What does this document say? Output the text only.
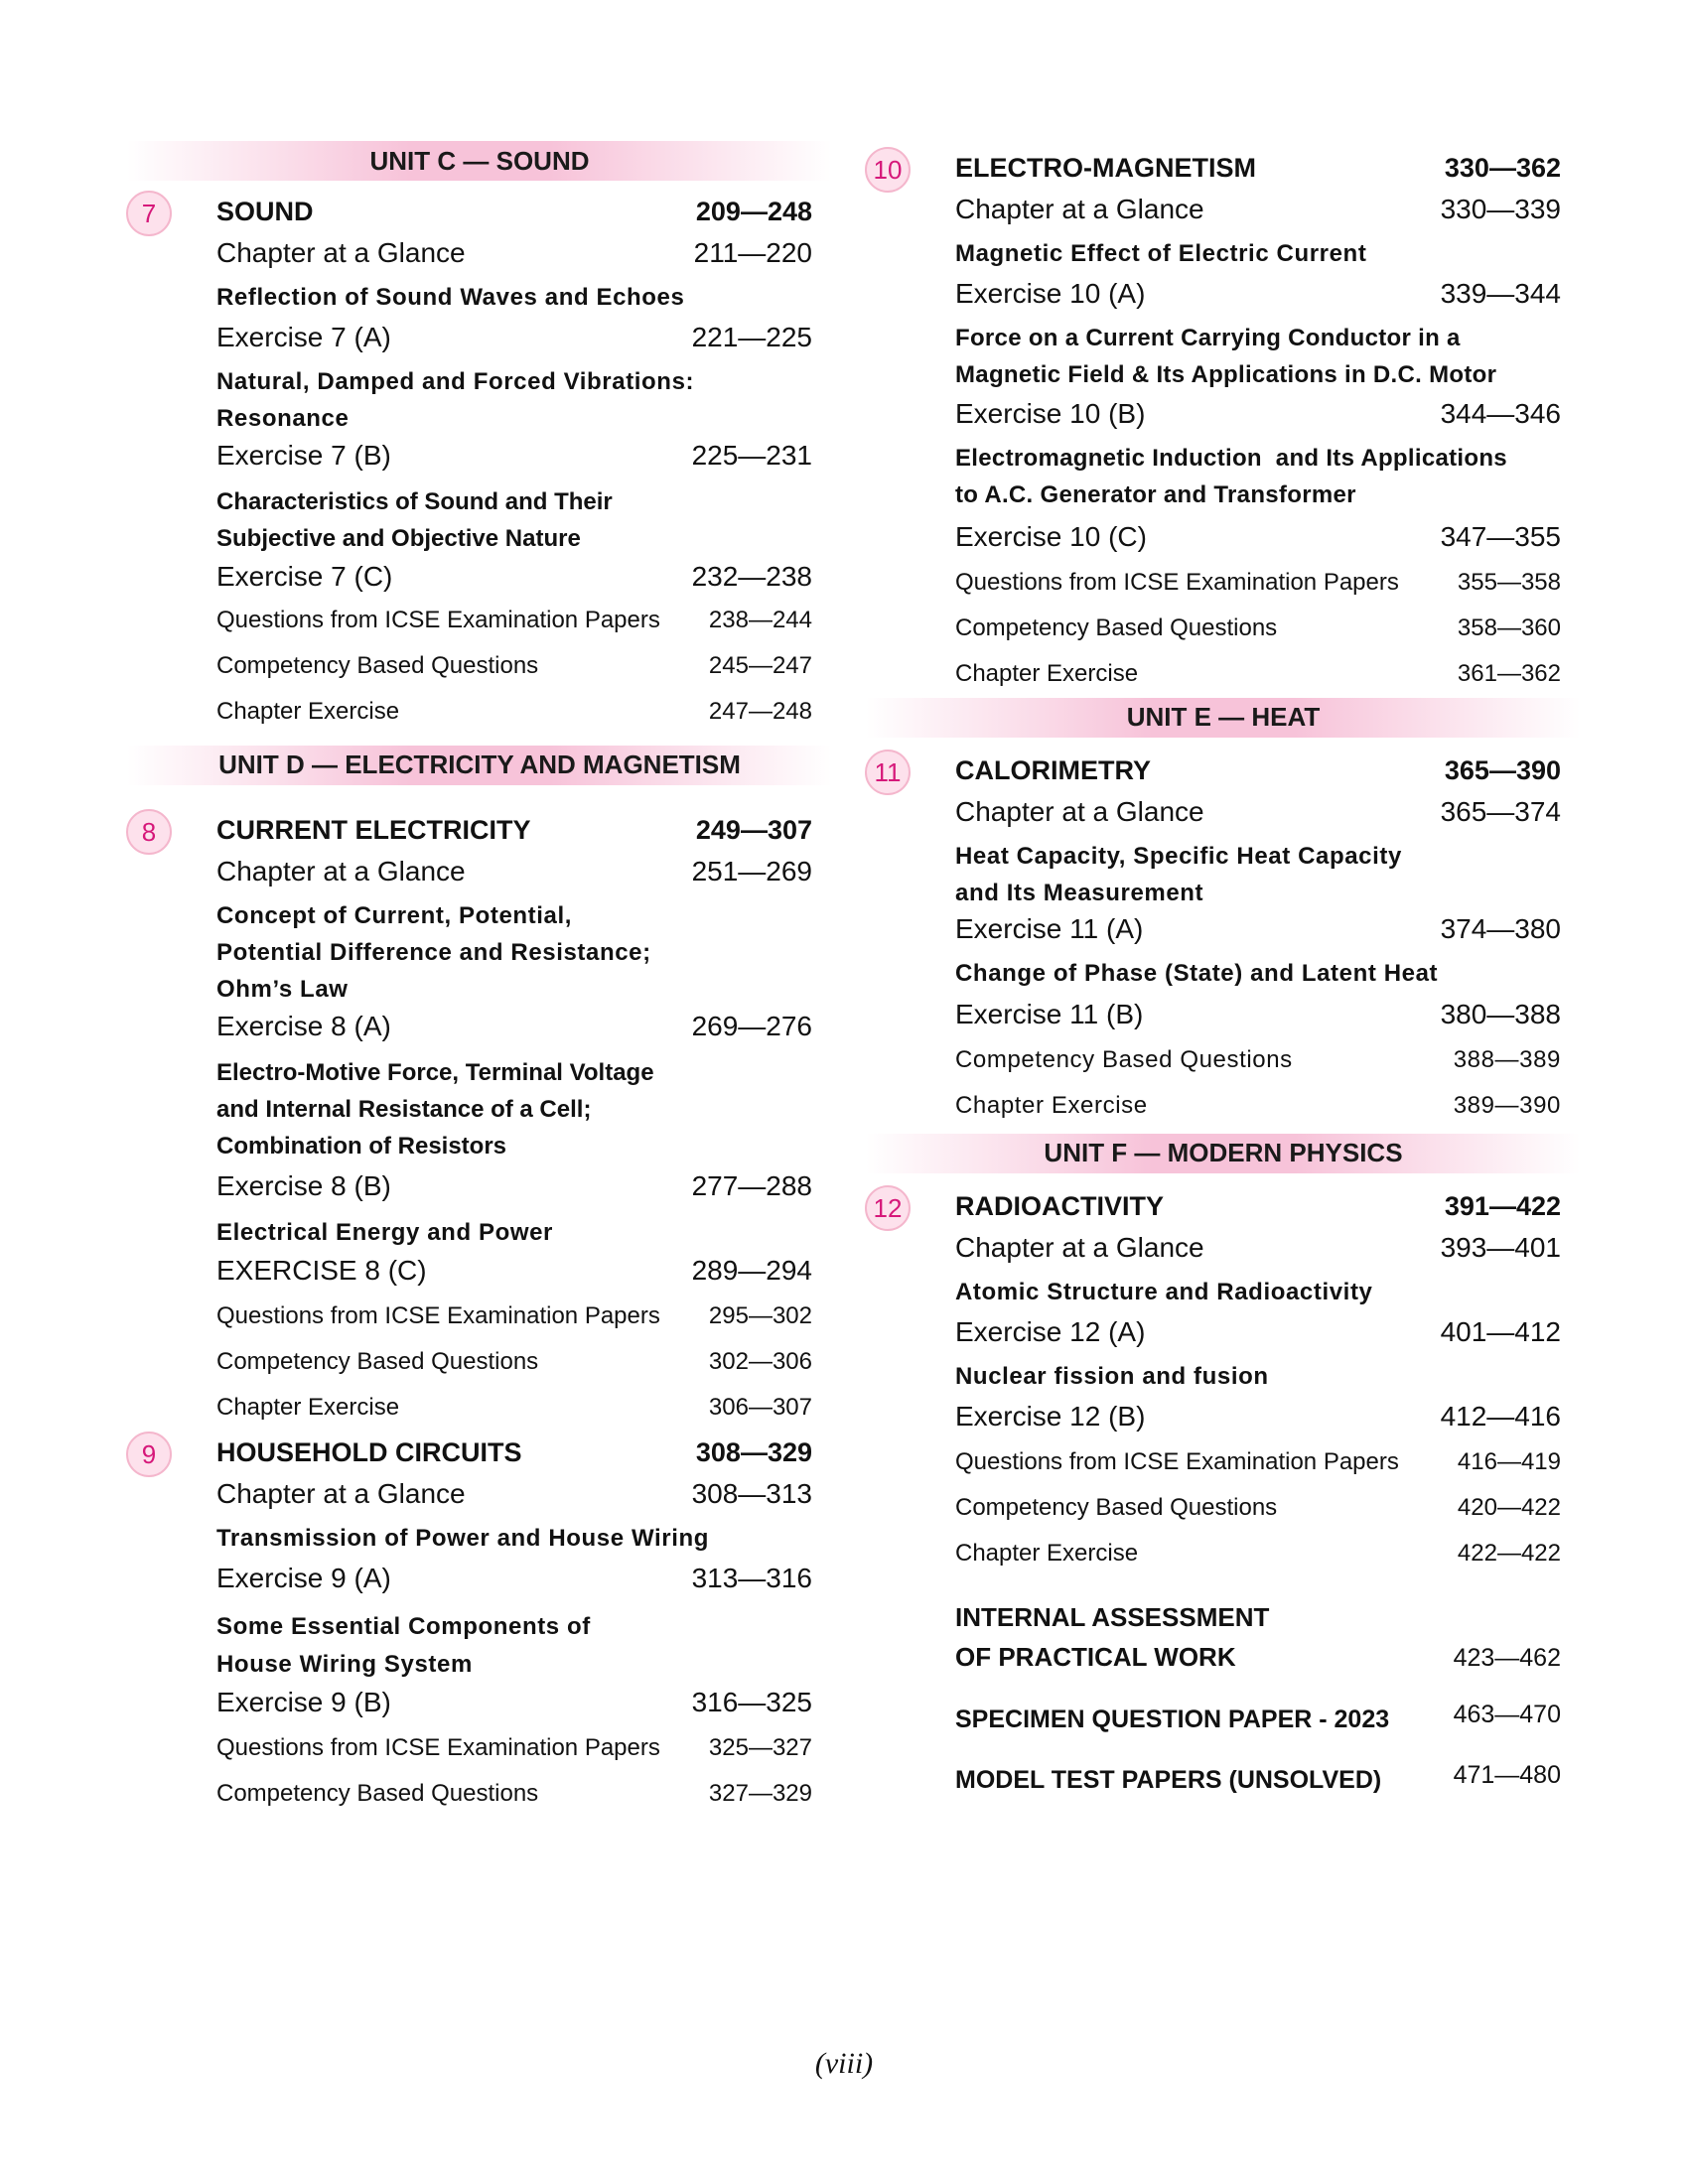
UNIT C — SOUND
7	SOUND	209—248
Chapter at a Glance	211—220
Reflection of Sound Waves and Echoes
Exercise 7 (A)	221—225
Natural, Damped and Forced Vibrations:
Resonance
Exercise 7 (B)	225—231
Characteristics of Sound and Their
Subjective and Objective Nature
Exercise 7 (C)	232—238
Questions from ICSE Examination Papers	238—244
Competency Based Questions	245—247
Chapter Exercise	247—248
UNIT D — ELECTRICITY AND MAGNETISM
8	CURRENT ELECTRICITY	249—307
Chapter at a Glance	251—269
Concept of Current, Potential,
Potential Difference and Resistance;
Ohm’s Law
Exercise 8 (A)	269—276
Electro-Motive Force, Terminal Voltage
and Internal Resistance of a Cell;
Combination of Resistors
Exercise 8 (B)	277—288
Electrical Energy and Power
EXERCISE 8 (C)	289—294
Questions from ICSE Examination Papers	295—302
Competency Based Questions	302—306
Chapter Exercise	306—307
9	HOUSEHOLD CIRCUITS	308—329
Chapter at a Glance	308—313
Transmission of Power and House Wiring
Exercise 9 (A)	313—316
Some Essential Components of
House Wiring System
Exercise 9 (B)	316—325
Questions from ICSE Examination Papers	325—327
Competency Based Questions	327—329
10	ELECTRO-MAGNETISM	330—362
Chapter at a Glance	330—339
Magnetic Effect of Electric Current
Exercise 10 (A)	339—344
Force on a Current Carrying Conductor in a
Magnetic Field & Its Applications in D.C. Motor
Exercise 10 (B)	344—346
Electromagnetic Induction  and Its Applications
to A.C. Generator and Transformer
Exercise 10 (C)	347—355
Questions from ICSE Examination Papers	355—358
Competency Based Questions	358—360
Chapter Exercise	361—362
UNIT E — HEAT
11	CALORIMETRY	365—390
Chapter at a Glance	365—374
Heat Capacity, Specific Heat Capacity
and Its Measurement
Exercise 11 (A)	374—380
Change of Phase (State) and Latent Heat
Exercise 11 (B)	380—388
Competency Based Questions	388—389
Chapter Exercise	389—390
UNIT F — MODERN PHYSICS
12	RADIOACTIVITY	391—422
Chapter at a Glance	393—401
Atomic Structure and Radioactivity
Exercise 12 (A)	401—412
Nuclear fission and fusion
Exercise 12 (B)	412—416
Questions from ICSE Examination Papers	416—419
Competency Based Questions	420—422
Chapter Exercise	422—422
INTERNAL ASSESSMENT
OF PRACTICAL WORK	423—462
SPECIMEN QUESTION PAPER - 2023	463—470
MODEL TEST PAPERS (UNSOLVED)	471—480
(viii)
